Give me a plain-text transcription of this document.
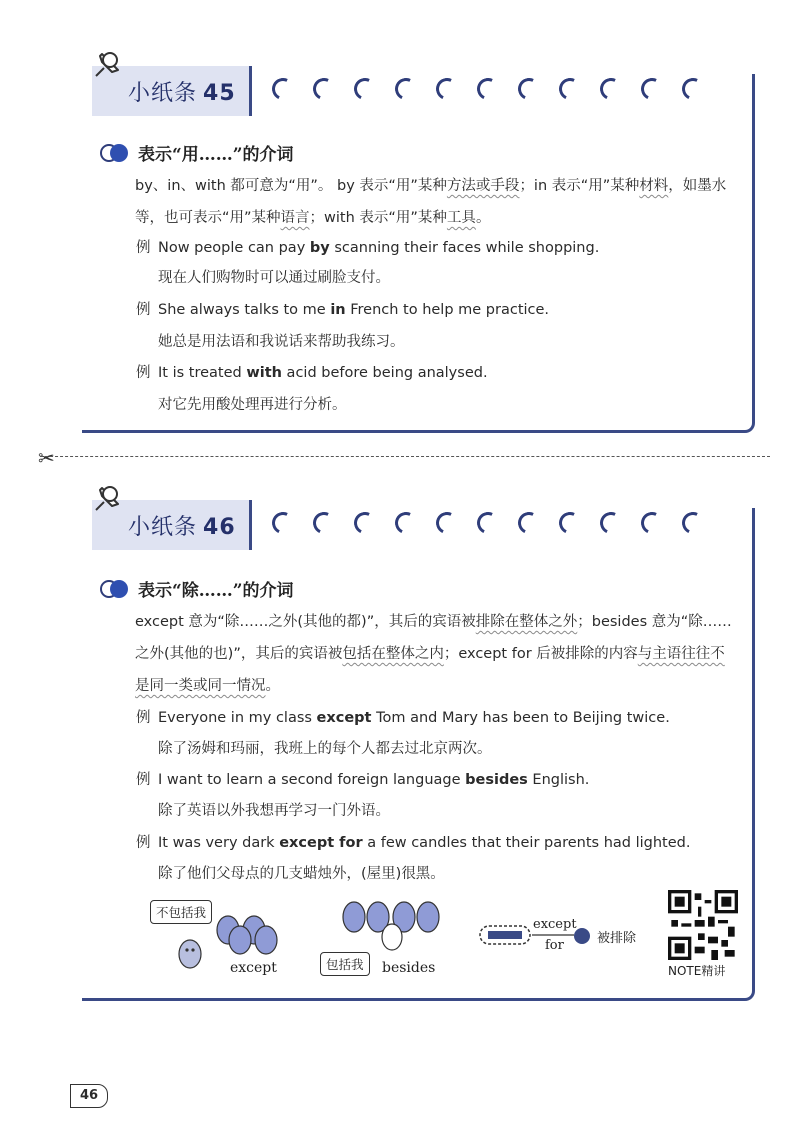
小纸条 45
表示“用……”的介词
by、in、with 都可意为“用”。 by 表示“用”某种方法或手段；in 表示“用”某种材料，如墨水等，也可表示“用”某种语言；with 表示“用”某种工具。
例 Now people can pay by scanning their faces while shopping.
现在人们购物时可以通过刷脸支付。
例 She always talks to me in French to help me practice.
她总是用法语和我说话来帮助我练习。
例 It is treated with acid before being analysed.
对它先用酸处理再进行分析。
✂
小纸条 46
表示“除……”的介词
except 意为“除……之外(其他的都)”，其后的宾语被排除在整体之外；besides 意为“除……之外(其他的也)”，其后的宾语被包括在整体之内；except for 后被排除的内容与主语往往不是同一类或同一情况。
例 Everyone in my class except Tom and Mary has been to Beijing twice.
除了汤姆和玛丽，我班上的每个人都去过北京两次。
例 I want to learn a second foreign language besides English.
除了英语以外我想再学习一门外语。
例 It was very dark except for a few candles that their parents had lighted.
除了他们父母点的几支蜡烛外，(屋里)很黑。
不包括我
except	包括我	besides
except
for	被排除
NOTE精讲
46
